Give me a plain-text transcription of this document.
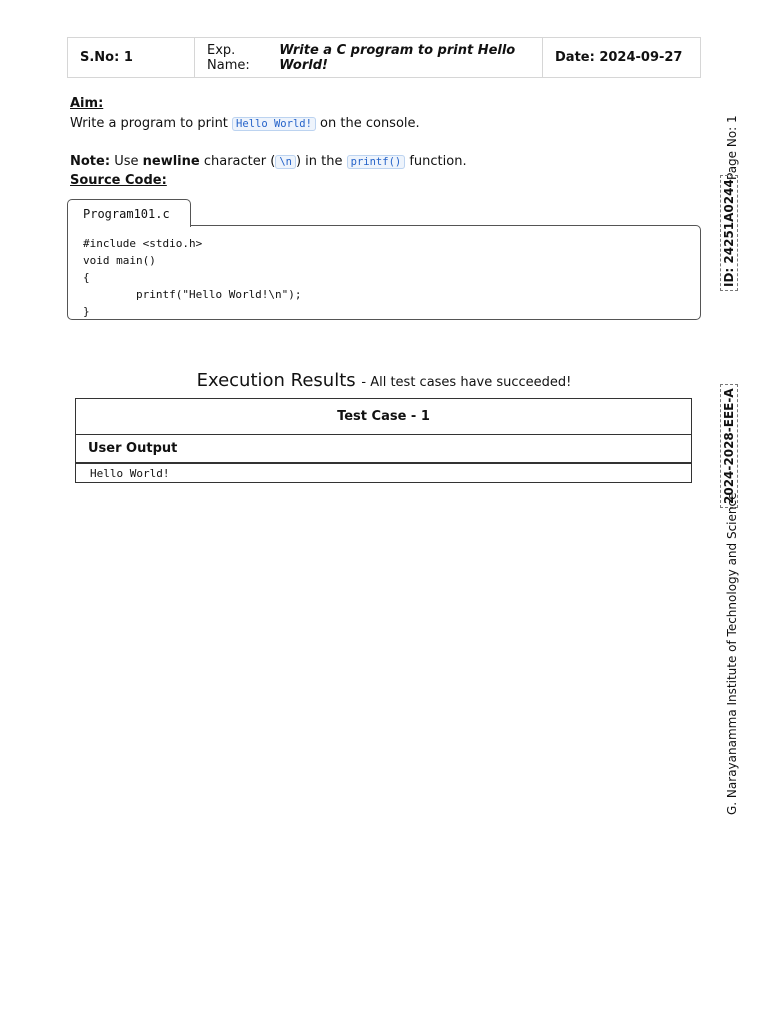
S.No: 1	Exp. Name:
Write a C program to print Hello World!	Date: 2024-09-27
Aim:
Write a program to print Hello World! on the console.
Note: Use newline character ( \n ) in the printf() function.
Source Code:
Program101.c
#include <stdio.h>
void main()
{
printf("Hello World!\n");
}
Execution Results - All test cases have succeeded!
Test Case - 1
User Output
Hello World!
Page No: 1
ID: 24251A0244
2024-2028-EEE-A
G. Narayanamma Institute of Technology and Science
